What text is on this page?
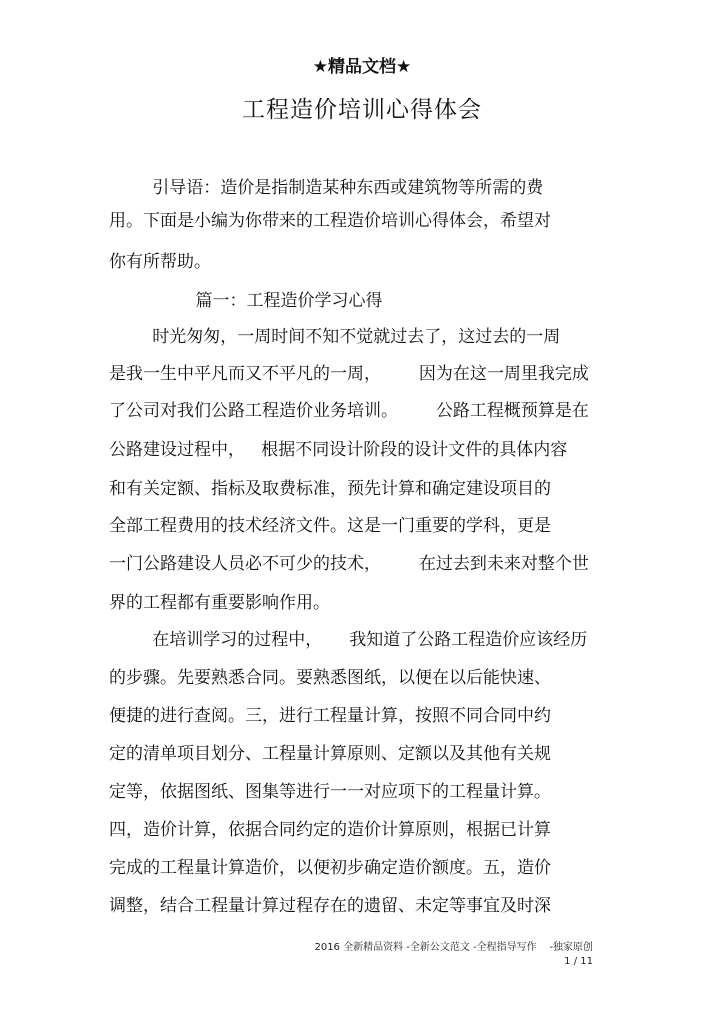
★精品文档★
工程造价培训心得体会
引导语：造价是指制造某种东西或建筑物等所需的费
用。下面是小编为你带来的工程造价培训心得体会，希望对
你有所帮助。
篇一：工程造价学习心得
时光匆匆，一周时间不知不觉就过去了，这过去的一周
是我一生中平凡而又不平凡的一周，       因为在这一周里我完成
了公司对我们公路工程造价业务培训。       公路工程概预算是在
公路建设过程中，   根据不同设计阶段的设计文件的具体内容
和有关定额、指标及取费标准，预先计算和确定建设项目的
全部工程费用的技术经济文件。这是一门重要的学科，更是
一门公路建设人员必不可少的技术，       在过去到未来对整个世
界的工程都有重要影响作用。
在培训学习的过程中，     我知道了公路工程造价应该经历
的步骤。先要熟悉合同。要熟悉图纸，以便在以后能快速、
便捷的进行查阅。三，进行工程量计算，按照不同合同中约
定的清单项目划分、工程量计算原则、定额以及其他有关规
定等，依据图纸、图集等进行一一对应项下的工程量计算。
四，造价计算，依据合同约定的造价计算原则，根据已计算
完成的工程量计算造价，以便初步确定造价额度。五，造价
调整，结合工程量计算过程存在的遗留、未定等事宜及时深
2016 全新精品资料 -全新公文范文 -全程指导写作    -独家原创
1 / 11
